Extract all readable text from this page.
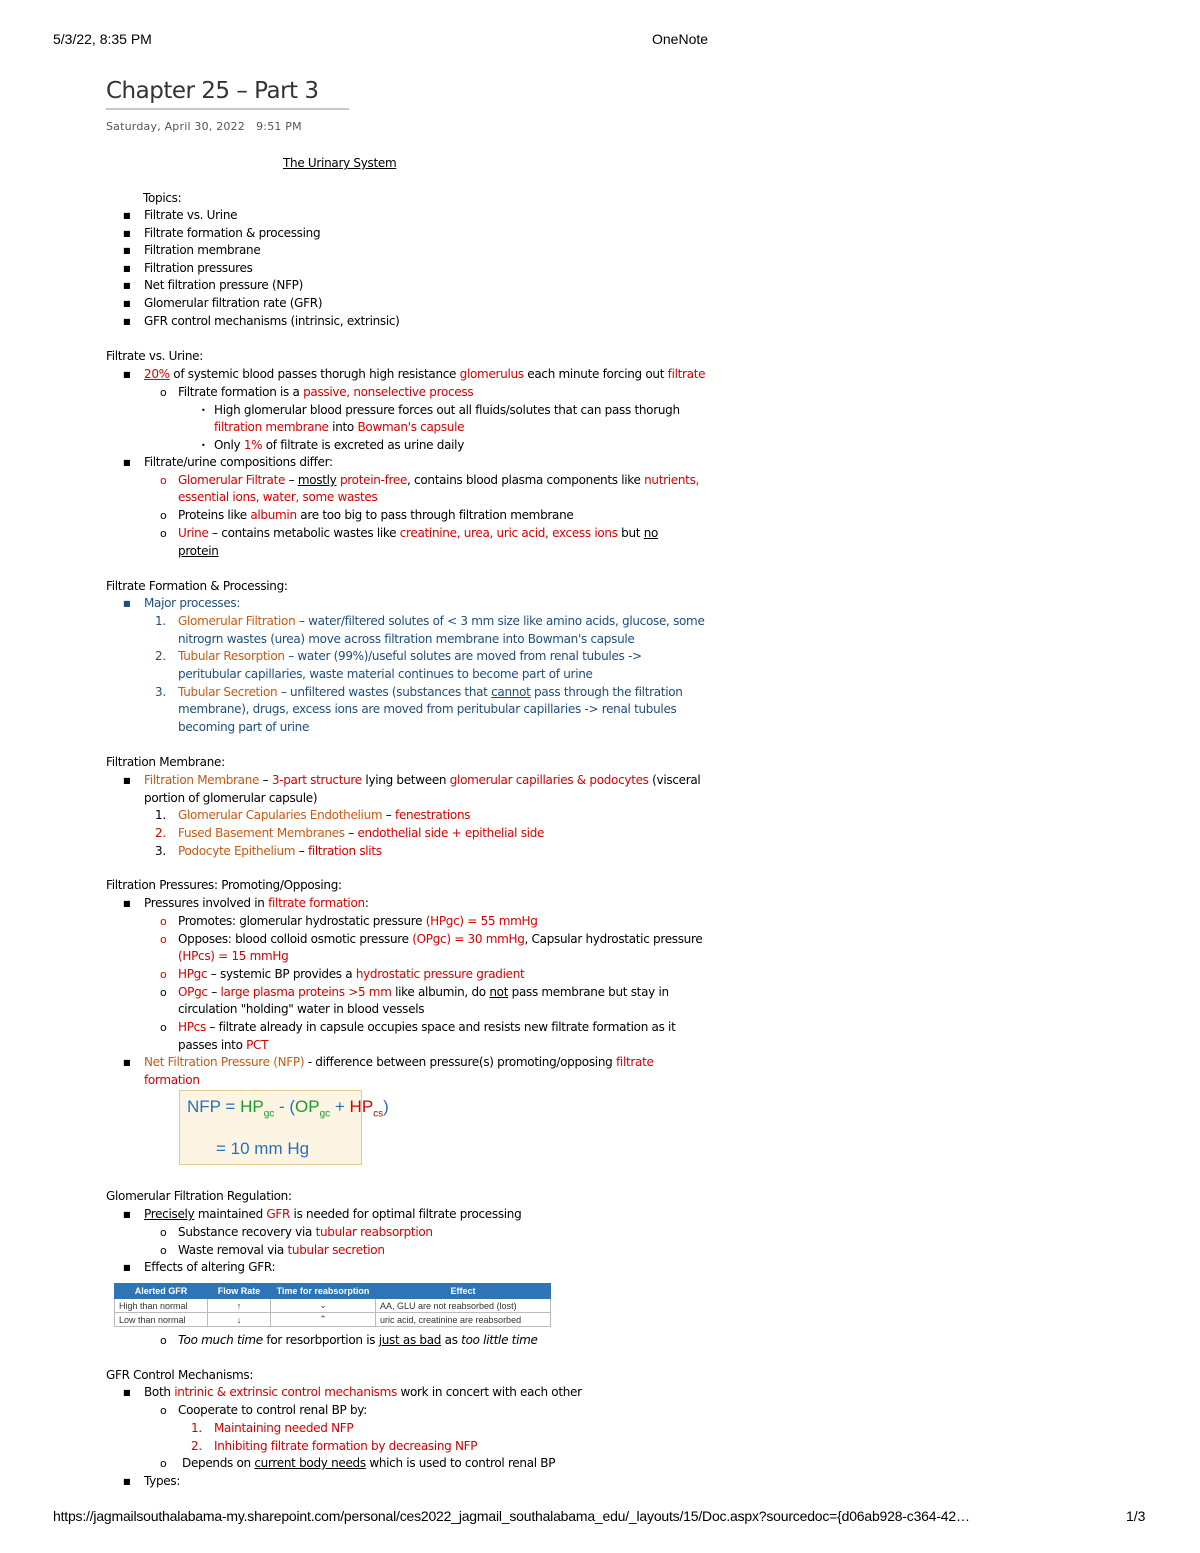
5/3/22, 8:35 PM	OneNote
https://jagmailsouthalabama-my.sharepoint.com/personal/ces2022_jagmail_southalabama_edu/_layouts/15/Doc.aspx?sourcedoc={d06ab928-c364-42…	1/3
Chapter 25 – Part 3
Saturday, April 30, 2022 9:51 PM
The Urinary System
Topics:
■ Filtrate vs. Urine
■ Filtrate formation & processing
■ Filtration membrane
■ Filtration pressures
■ Net filtration pressure (NFP)
■ Glomerular filtration rate (GFR)
■ GFR control mechanisms (intrinsic, extrinsic)
Filtrate vs. Urine:
■ 20% of systemic blood passes thorugh high resistance glomerulus each minute forcing out filtrate
o Filtrate formation is a passive, nonselective process
• High glomerular blood pressure forces out all fluids/solutes that can pass thorugh
filtration membrane into Bowman's capsule
• Only 1% of filtrate is excreted as urine daily
■ Filtrate/urine compositions differ:
o Glomerular Filtrate – mostly protein-free, contains blood plasma components like nutrients,
essential ions, water, some wastes
o Proteins like albumin are too big to pass through filtration membrane
o Urine – contains metabolic wastes like creatinine, urea, uric acid, excess ions but no
protein
Filtrate Formation & Processing:
■ Major processes:
1. Glomerular Filtration – water/filtered solutes of < 3 mm size like amino acids, glucose, some
nitrogrn wastes (urea) move across filtration membrane into Bowman's capsule
2. Tubular Resorption – water (99%)/useful solutes are moved from renal tubules ->
peritubular capillaries, waste material continues to become part of urine
3. Tubular Secretion – unfiltered wastes (substances that cannot pass through the filtration
membrane), drugs, excess ions are moved from peritubular capillaries -> renal tubules
becoming part of urine
Filtration Membrane:
■ Filtration Membrane – 3-part structure lying between glomerular capillaries & podocytes (visceral
portion of glomerular capsule)
1. Glomerular Capularies Endothelium – fenestrations
2. Fused Basement Membranes – endothelial side + epithelial side
3. Podocyte Epithelium – filtration slits
Filtration Pressures: Promoting/Opposing:
■ Pressures involved in filtrate formation:
o Promotes: glomerular hydrostatic pressure (HPgc) = 55 mmHg
o Opposes: blood colloid osmotic pressure (OPgc) = 30 mmHg, Capsular hydrostatic pressure
(HPcs) = 15 mmHg
o HPgc – systemic BP provides a hydrostatic pressure gradient
o OPgc – large plasma proteins >5 mm like albumin, do not pass membrane but stay in
circulation "holding" water in blood vessels
o HPcs – filtrate already in capsule occupies space and resists new filtrate formation as it
passes into PCT
■ Net Filtration Pressure (NFP) - difference between pressure(s) promoting/opposing filtrate
formation
NFP = $HP_{gc} - (OP_{gc} + HP_{cs})$
= 10 mm Hg
Glomerular Filtration Regulation:
■ Precisely maintained GFR is needed for optimal filtrate processing
o Substance recovery via tubular reabsorption
o Waste removal via tubular secretion
■ Effects of altering GFR:
Alerted GFR	Flow Rate	Time for reabsorption	Effect
High than normal	↑	⌄	AA, GLU are not reabsorbed (lost)
Low than normal	↓	⌃	uric acid, creatinine are reabsorbed
o Too much time for resorbportion is just as bad as too little time
GFR Control Mechanisms:
■ Both intrinic & extrinsic control mechanisms work in concert with each other
o Cooperate to control renal BP by:
1. Maintaining needed NFP
2. Inhibiting filtrate formation by decreasing NFP
o Depends on current body needs which is used to control renal BP
■ Types:
